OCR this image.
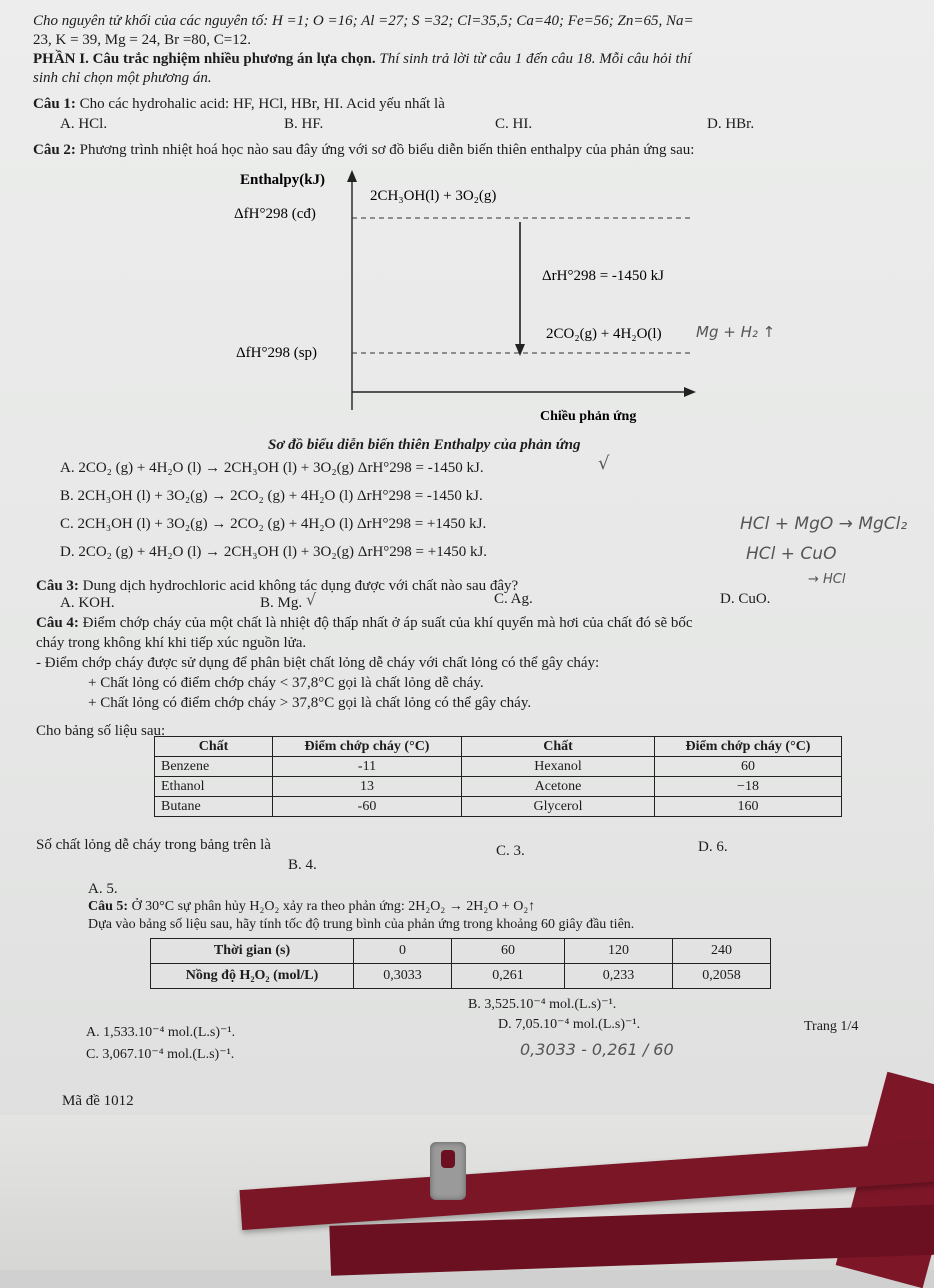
Cho nguyên tử khối của các nguyên tố: H =1; O =16; Al =27; S =32; Cl=35,5; Ca=40; Fe=56; Zn=65, Na=
23, K = 39, Mg = 24, Br =80, C=12.
PHẦN I. Câu trắc nghiệm nhiều phương án lựa chọn. Thí sinh trả lời từ câu 1 đến câu 18. Mỗi câu hỏi thí
sinh chỉ chọn một phương án.
Câu 1: Cho các hydrohalic acid: HF, HCl, HBr, HI. Acid yếu nhất là
A. HCl.	B. HF.	C. HI.	D. HBr.
Câu 2: Phương trình nhiệt hoá học nào sau đây ứng với sơ đồ biểu diễn biến thiên enthalpy của phản ứng sau:
Enthalpy(kJ)
ΔfH°298 (cđ)
ΔfH°298 (sp)
2CH₃OH(l) + 3O₂(g)
2CO₂(g) + 4H₂O(l)
ΔrH°298 = -1450 kJ
Chiều phản ứng
Mg + H₂ ↑
Sơ đồ biểu diễn biến thiên Enthalpy của phản ứng
A. 2CO₂ (g) + 4H₂O (l) → 2CH₃OH (l) + 3O₂(g) ΔrH°298 = -1450 kJ.	√
B. 2CH₃OH (l) + 3O₂(g) → 2CO₂ (g) + 4H₂O (l) ΔrH°298 = -1450 kJ.
C. 2CH₃OH (l) + 3O₂(g) → 2CO₂ (g) + 4H₂O (l) ΔrH°298 = +1450 kJ.
D. 2CO₂ (g) + 4H₂O (l) → 2CH₃OH (l) + 3O₂(g) ΔrH°298 = +1450 kJ.
HCl + MgO → MgCl₂
HCl + CuO
→ HCl
Câu 3: Dung dịch hydrochloric acid không tác dụng được với chất nào sau đây?
A. KOH.	B. Mg. √	C. Ag.	D. CuO.
Câu 4: Điểm chớp cháy của một chất là nhiệt độ thấp nhất ở áp suất của khí quyển mà hơi của chất đó sẽ bốc
cháy trong không khí khi tiếp xúc nguồn lửa.
- Điểm chớp cháy được sử dụng để phân biệt chất lỏng dễ cháy với chất lỏng có thể gây cháy:
+ Chất lỏng có điểm chớp cháy < 37,8°C gọi là chất lỏng dễ cháy.
+ Chất lỏng có điểm chớp cháy > 37,8°C gọi là chất lỏng có thể gây cháy.
Cho bảng số liệu sau:
Chất	Điểm chớp cháy (°C)	Chất	Điểm chớp cháy (°C)
Benzene	-11	Hexanol	60
Ethanol	13	Acetone	−18
Butane	-60	Glycerol	160
Số chất lỏng dễ cháy trong bảng trên là
A. 5.
B. 4.
C. 3.	D. 6.
Câu 5: Ở 30°C sự phân hủy H₂O₂ xảy ra theo phản ứng: 2H₂O₂ → 2H₂O + O₂↑
Dựa vào bảng số liệu sau, hãy tính tốc độ trung bình của phản ứng trong khoảng 60 giây đầu tiên.
Thời gian (s)	0	60	120	240
Nồng độ H₂O₂ (mol/L)	0,3033	0,261	0,233	0,2058
A. 1,533.10⁻⁴ mol.(L.s)⁻¹.
B. 3,525.10⁻⁴ mol.(L.s)⁻¹.
C. 3,067.10⁻⁴ mol.(L.s)⁻¹.
D. 7,05.10⁻⁴ mol.(L.s)⁻¹.
0,3033 - 0,261 / 60
Trang 1/4
Mã đề 1012
